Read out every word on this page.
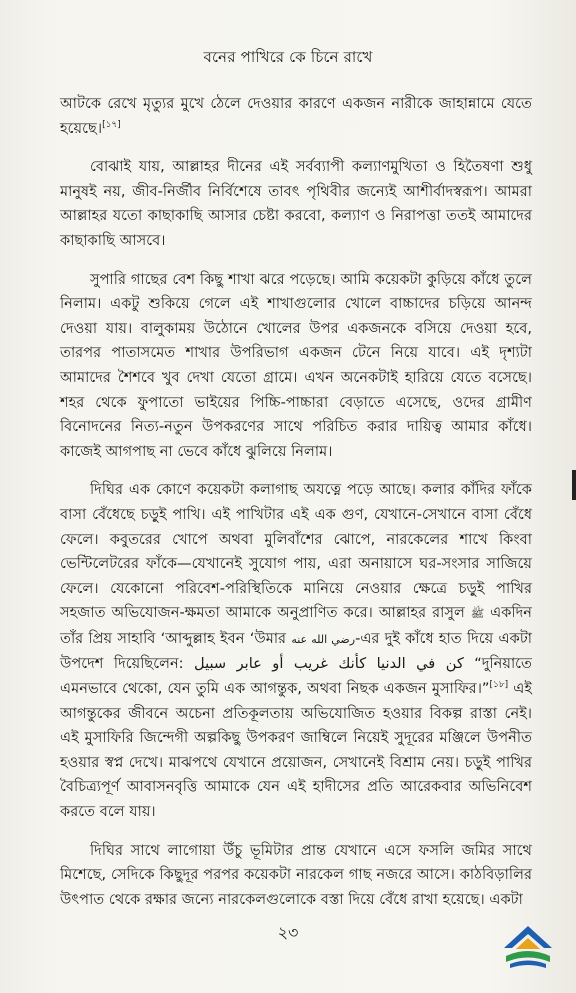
বনের পাখিরে কে চিনে রাখে

আটকে রেখে মৃত্যুর মুখে ঠেলে দেওয়ার কারণে একজন নারীকে জাহান্নামে যেতে হয়েছে।[১৭]

বোঝাই যায়, আল্লাহর দীনের এই সর্বব্যাপী কল্যাণমুখিতা ও হিতৈষণা শুধু মানুষই নয়, জীব-নির্জীব নির্বিশেষে তাবৎ পৃথিবীর জন্যেই আশীর্বাদস্বরূপ। আমরা আল্লাহর যতো কাছাকাছি আসার চেষ্টা করবো, কল্যাণ ও নিরাপত্তা ততই আমাদের কাছাকাছি আসবে।

সুপারি গাছের বেশ কিছু শাখা ঝরে পড়েছে। আমি কয়েকটা কুড়িয়ে কাঁধে তুলে নিলাম। একটু শুকিয়ে গেলে এই শাখাগুলোর খোলে বাচ্চাদের চড়িয়ে আনন্দ দেওয়া যায়। বালুকাময় উঠোনে খোলের উপর একজনকে বসিয়ে দেওয়া হবে, তারপর পাতাসমেত শাখার উপরিভাগ একজন টেনে নিয়ে যাবে। এই দৃশ্যটা আমাদের শৈশবে খুব দেখা যেতো গ্রামে। এখন অনেকটাই হারিয়ে যেতে বসেছে। শহর থেকে ফুপাতো ভাইয়ের পিচ্চি-পাচ্চারা বেড়াতে এসেছে, ওদের গ্রামীণ বিনোদনের নিত্য-নতুন উপকরণের সাথে পরিচিত করার দায়িত্ব আমার কাঁধে। কাজেই আগপাছ না ভেবে কাঁধে ঝুলিয়ে নিলাম।

দিঘির এক কোণে কয়েকটা কলাগাছ অযত্নে পড়ে আছে। কলার কাঁদির ফাঁকে বাসা বেঁধেছে চড়ুই পাখি। এই পাখিটার এই এক গুণ, যেখানে-সেখানে বাসা বেঁধে ফেলে। কবুতরের খোপে অথবা মুলিবাঁশের ঝোপে, নারকেলের শাখে কিংবা ভেন্টিলেটরের ফাঁকে—যেখানেই সুযোগ পায়, এরা অনায়াসে ঘর-সংসার সাজিয়ে ফেলে। যেকোনো পরিবেশ-পরিস্থিতিকে মানিয়ে নেওয়ার ক্ষেত্রে চড়ুই পাখির সহজাত অভিযোজন-ক্ষমতা আমাকে অনুপ্রাণিত করে। আল্লাহর রাসুল ﷺ একদিন তাঁর প্রিয় সাহাবি ‘আব্দুল্লাহ ইবন ‘উমার رضي الله عنه-এর দুই কাঁধে হাত দিয়ে একটা উপদেশ দিয়েছিলেন: كن في الدنيا كأنك غريب أو عابر سبيل “দুনিয়াতে এমনভাবে থেকো, যেন তুমি এক আগন্তুক, অথবা নিছক একজন মুসাফির।”[১৮] এই আগন্তুকের জীবনে অচেনা প্রতিকূলতায় অভিযোজিত হওয়ার বিকল্প রাস্তা নেই। এই মুসাফিরি জিন্দেগী অল্পকিছু উপকরণ জাম্বিলে নিয়েই সুদূরের মঞ্জিলে উপনীত হওয়ার স্বপ্ন দেখে। মাঝপথে যেখানে প্রয়োজন, সেখানেই বিশ্রাম নেয়। চড়ুই পাখির বৈচিত্র্যপূর্ণ আবাসনবৃত্তি আমাকে যেন এই হাদীসের প্রতি আরেকবার অভিনিবেশ করতে বলে যায়।

দিঘির সাথে লাগোয়া উঁচু ভূমিটার প্রান্ত যেখানে এসে ফসলি জমির সাথে মিশেছে, সেদিকে কিছুদূর পরপর কয়েকটা নারকেল গাছ নজরে আসে। কাঠবিড়ালির উৎপাত থেকে রক্ষার জন্যে নারকেলগুলোকে বস্তা দিয়ে বেঁধে রাখা হয়েছে। একটা

২৩
